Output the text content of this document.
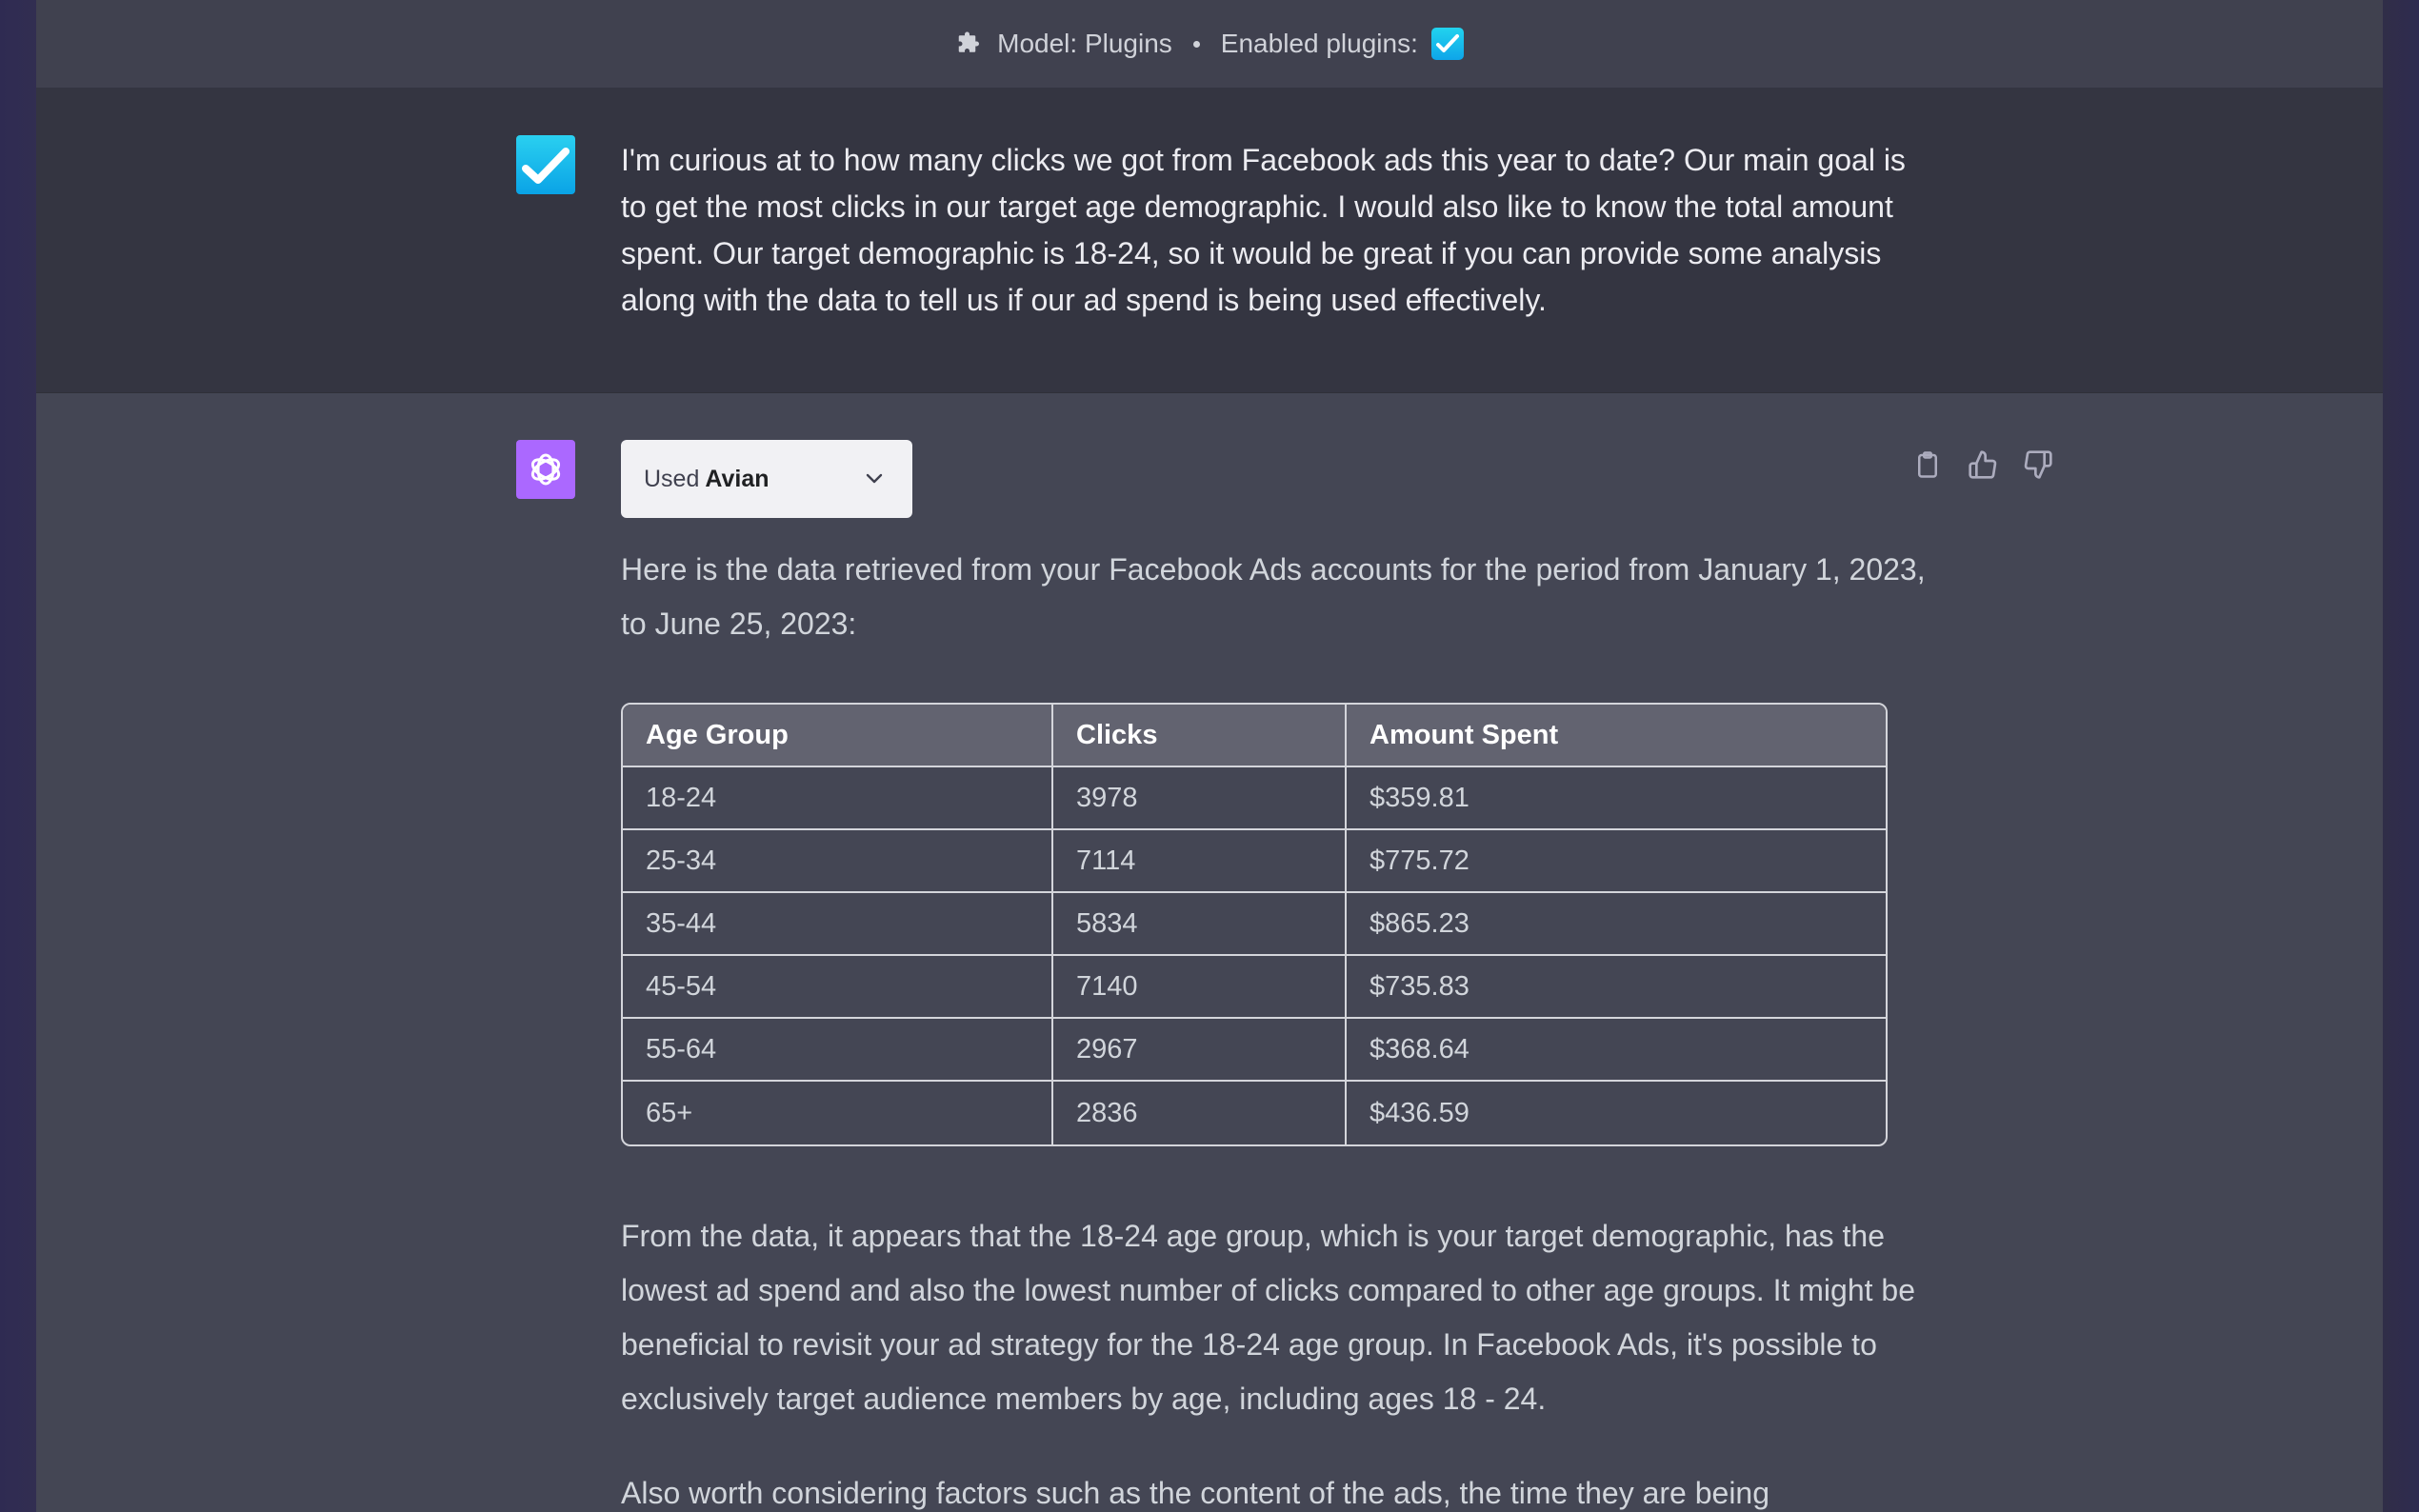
Model: Plugins Enabled plugins:

I'm curious at to how many clicks we got from Facebook ads this year to date? Our main goal is to get the most clicks in our target age demographic. I would also like to know the total amount spent. Our target demographic is 18-24, so it would be great if you can provide some analysis along with the data to tell us if our ad spend is being used effectively.

Used Avian

Here is the data retrieved from your Facebook Ads accounts for the period from January 1, 2023, to June 25, 2023:

Age Group	Clicks	Amount Spent
18-24	3978	$359.81
25-34	7114	$775.72
35-44	5834	$865.23
45-54	7140	$735.83
55-64	2967	$368.64
65+	2836	$436.59

From the data, it appears that the 18-24 age group, which is your target demographic, has the lowest ad spend and also the lowest number of clicks compared to other age groups. It might be beneficial to revisit your ad strategy for the 18-24 age group. In Facebook Ads, it's possible to exclusively target audience members by age, including ages 18 - 24.

Also worth considering factors such as the content of the ads, the time they are being
